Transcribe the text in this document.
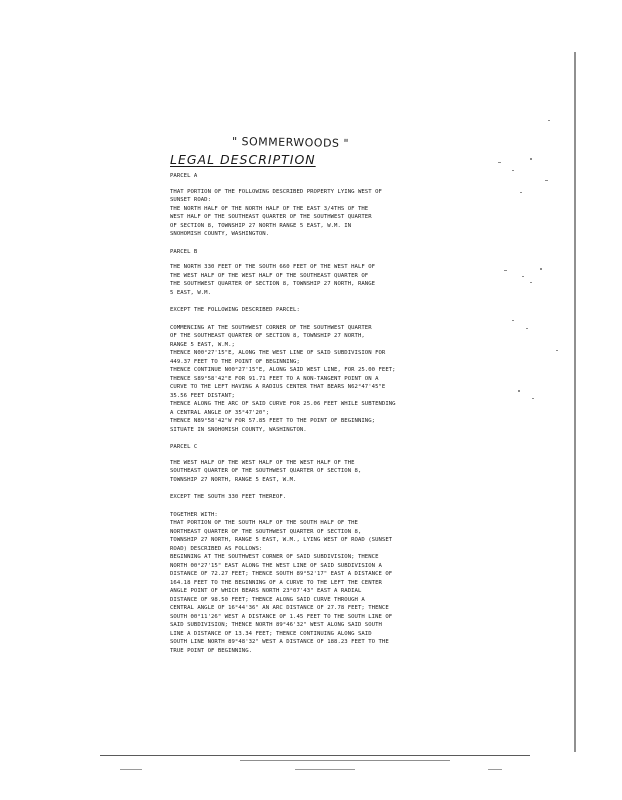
" SOMMERWOODS "
LEGAL DESCRIPTION
PARCEL A
THAT PORTION OF THE FOLLOWING DESCRIBED PROPERTY LYING WEST OF
SUNSET ROAD:
THE NORTH HALF OF THE NORTH HALF OF THE EAST 3/4THS OF THE
WEST HALF OF THE SOUTHEAST QUARTER OF THE SOUTHWEST QUARTER
OF SECTION 8, TOWNSHIP 27 NORTH RANGE 5 EAST, W.M. IN
SNOHOMISH COUNTY, WASHINGTON.
PARCEL B
THE NORTH 330 FEET OF THE SOUTH 660 FEET OF THE WEST HALF OF
THE WEST HALF OF THE WEST HALF OF THE SOUTHEAST QUARTER OF
THE SOUTHWEST QUARTER OF SECTION 8, TOWNSHIP 27 NORTH, RANGE
5 EAST, W.M.
EXCEPT THE FOLLOWING DESCRIBED PARCEL:
COMMENCING AT THE SOUTHWEST CORNER OF THE SOUTHWEST QUARTER
OF THE SOUTHEAST QUARTER OF SECTION 8, TOWNSHIP 27 NORTH,
RANGE 5 EAST, W.M.;
THENCE N00°27'15"E, ALONG THE WEST LINE OF SAID SUBDIVISION FOR
449.37 FEET TO THE POINT OF BEGINNING;
THENCE CONTINUE N00°27'15"E, ALONG SAID WEST LINE, FOR 25.00 FEET;
THENCE S89°58'42"E FOR 91.71 FEET TO A NON-TANGENT POINT ON A
CURVE TO THE LEFT HAVING A RADIUS CENTER THAT BEARS N62°47'45"E
35.56 FEET DISTANT;
THENCE ALONG THE ARC OF SAID CURVE FOR 25.06 FEET WHILE SUBTENDING
A CENTRAL ANGLE OF 35°47'20";
THENCE N89°58'42"W FOR 57.85 FEET TO THE POINT OF BEGINNING;
SITUATE IN SNOHOMISH COUNTY, WASHINGTON.
PARCEL C
THE WEST HALF OF THE WEST HALF OF THE WEST HALF OF THE
SOUTHEAST QUARTER OF THE SOUTHWEST QUARTER OF SECTION 8,
TOWNSHIP 27 NORTH, RANGE 5 EAST, W.M.
EXCEPT THE SOUTH 330 FEET THEREOF.
TOGETHER WITH:
THAT PORTION OF THE SOUTH HALF OF THE SOUTH HALF OF THE
NORTHEAST QUARTER OF THE SOUTHWEST QUARTER OF SECTION 8,
TOWNSHIP 27 NORTH, RANGE 5 EAST, W.M., LYING WEST OF ROAD (SUNSET
ROAD) DESCRIBED AS FOLLOWS:
BEGINNING AT THE SOUTHWEST CORNER OF SAID SUBDIVISION; THENCE
NORTH 00°27'15" EAST ALONG THE WEST LINE OF SAID SUBDIVISION A
DISTANCE OF 72.27 FEET; THENCE SOUTH 89°52'17" EAST A DISTANCE OF
164.18 FEET TO THE BEGINNING OF A CURVE TO THE LEFT THE CENTER
ANGLE POINT OF WHICH BEARS NORTH 23°07'43" EAST A RADIAL
DISTANCE OF 98.50 FEET; THENCE ALONG SAID CURVE THROUGH A
CENTRAL ANGLE OF 16°44'36" AN ARC DISTANCE OF 27.78 FEET; THENCE
SOUTH 00°11'26" WEST A DISTANCE OF 1.45 FEET TO THE SOUTH LINE OF
SAID SUBDIVISION; THENCE NORTH 89°46'32" WEST ALONG SAID SOUTH
LINE A DISTANCE OF 13.34 FEET; THENCE CONTINUING ALONG SAID
SOUTH LINE NORTH 89°48'32" WEST A DISTANCE OF 188.23 FEET TO THE
TRUE POINT OF BEGINNING.
